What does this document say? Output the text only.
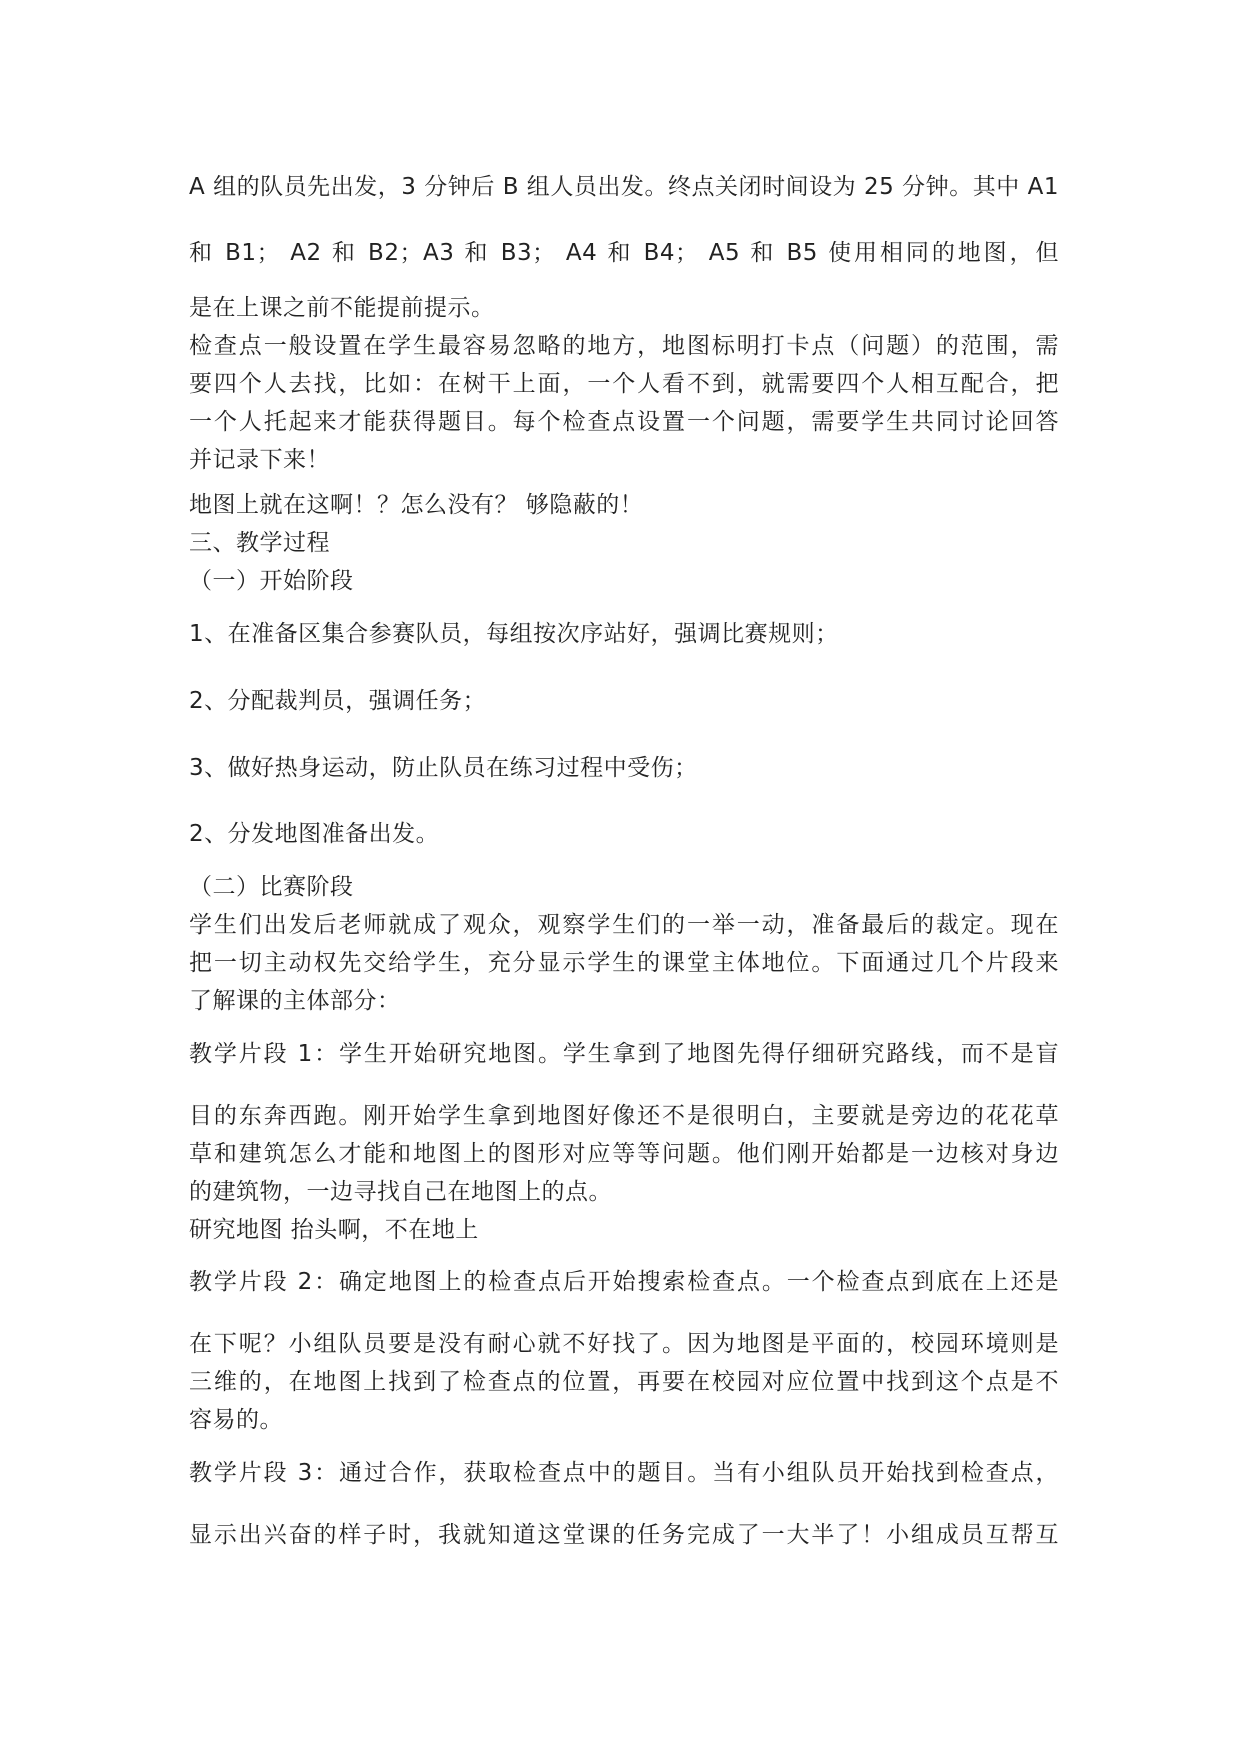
A 组的队员先出发，3 分钟后 B 组人员出发。终点关闭时间设为 25 分钟。其中 A1
和 B1； A2 和 B2；A3 和 B3； A4 和 B4； A5 和 B5 使用相同的地图，但
是在上课之前不能提前提示。
检查点一般设置在学生最容易忽略的地方，地图标明打卡点（问题）的范围，需
要四个人去找，比如：在树干上面，一个人看不到，就需要四个人相互配合，把
一个人托起来才能获得题目。每个检查点设置一个问题，需要学生共同讨论回答
并记录下来！
地图上就在这啊！？怎么没有？ 够隐蔽的！
三、教学过程
（一）开始阶段
1、在准备区集合参赛队员，每组按次序站好，强调比赛规则；
2、分配裁判员，强调任务；
3、做好热身运动，防止队员在练习过程中受伤；
2、分发地图准备出发。
（二）比赛阶段
学生们出发后老师就成了观众，观察学生们的一举一动，准备最后的裁定。现在
把一切主动权先交给学生，充分显示学生的课堂主体地位。下面通过几个片段来
了解课的主体部分：
教学片段 1：学生开始研究地图。学生拿到了地图先得仔细研究路线，而不是盲
目的东奔西跑。刚开始学生拿到地图好像还不是很明白，主要就是旁边的花花草
草和建筑怎么才能和地图上的图形对应等等问题。他们刚开始都是一边核对身边
的建筑物，一边寻找自己在地图上的点。
研究地图 抬头啊，不在地上
教学片段 2：确定地图上的检查点后开始搜索检查点。一个检查点到底在上还是
在下呢？小组队员要是没有耐心就不好找了。因为地图是平面的，校园环境则是
三维的，在地图上找到了检查点的位置，再要在校园对应位置中找到这个点是不
容易的。
教学片段 3：通过合作，获取检查点中的题目。当有小组队员开始找到检查点，
显示出兴奋的样子时，我就知道这堂课的任务完成了一大半了！小组成员互帮互
